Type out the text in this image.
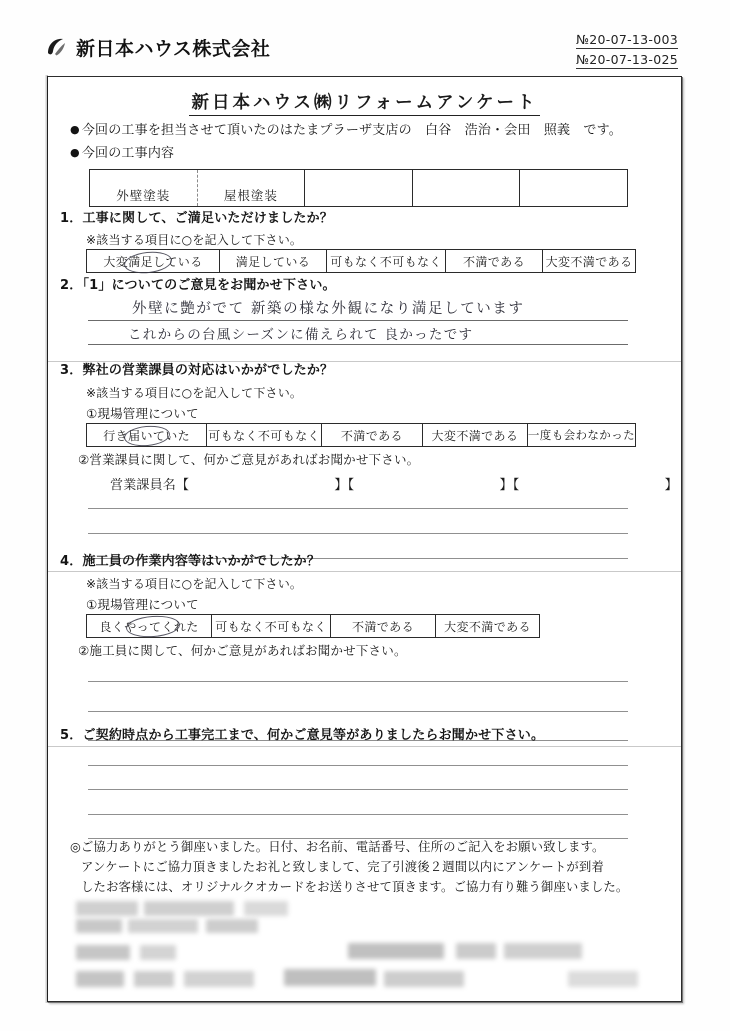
新日本ハウス株式会社	№20-07-13-003
№20-07-13-025
新日本ハウス㈱リフォームアンケート
● 今回の工事を担当させて頂いたのはたまプラーザ支店の　白谷　浩治・会田　照義　です。
● 今回の工事内容
外壁塗装	屋根塗装
1．工事に関して、ご満足いただけましたか？
※該当する項目に○を記入して下さい。
大変満足している	満足している 可もなく不可もなく 不満である 大変不満である
2．「1」についてのご意見をお聞かせ下さい。
外壁に艶がでて 新築の様な外観になり満足しています
これからの台風シーズンに備えられて 良かったです
3．弊社の営業課員の対応はいかがでしたか？
※該当する項目に○を記入して下さい。
①現場管理について
行き届いていた 可もなく不可もなく 不満である 大変不満である 一度も会わなかった
②営業課員に関して、何かご意見があればお聞かせ下さい。
営業課員名【　　　　　　　　　　　】【　　　　　　　　　　　】【　　　　　　　　　　　】
4．施工員の作業内容等はいかがでしたか？
※該当する項目に○を記入して下さい。
①現場管理について
良くやってくれた 可もなく不可もなく 不満である	大変不満である
②施工員に関して、何かご意見があればお聞かせ下さい。
5．ご契約時点から工事完工まで、何かご意見等がありましたらお聞かせ下さい。
◎ご協力ありがとう御座いました。日付、お名前、電話番号、住所のご記入をお願い致します。
アンケートにご協力頂きましたお礼と致しまして、完了引渡後２週間以内にアンケートが到着
したお客様には、オリジナルクオカードをお送りさせて頂きます。ご協力有り難う御座いました。
